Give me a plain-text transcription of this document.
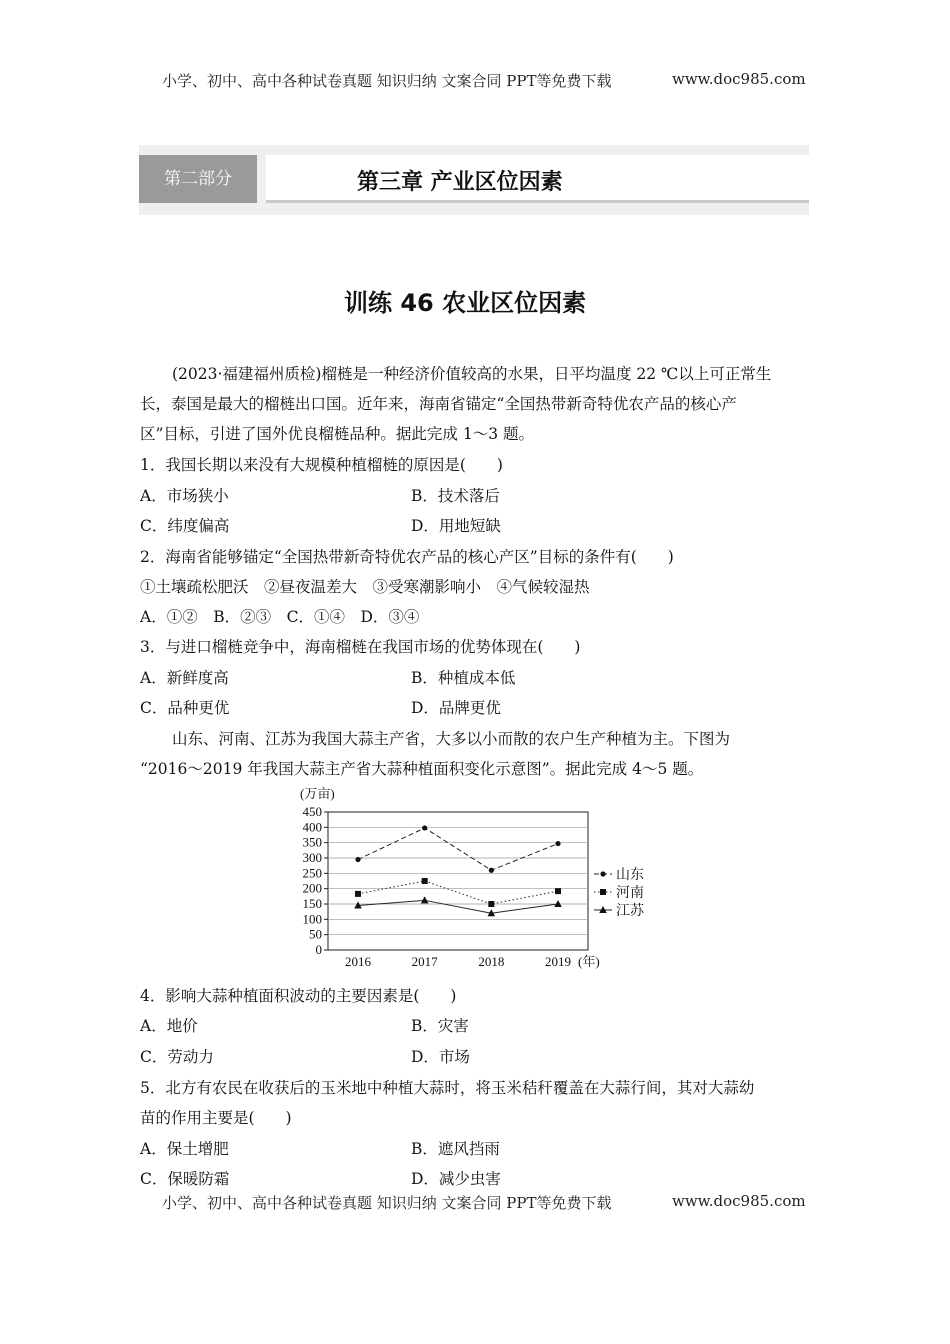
小学、初中、高中各种试卷真题 知识归纳 文案合同 PPT等免费下载	www.doc985.com
第二部分	第三章 产业区位因素
训练 46 农业区位因素
(2023·福建福州质检)榴梿是一种经济价值较高的水果，日平均温度 22 ℃以上可正常生
长，泰国是最大的榴梿出口国。近年来，海南省锚定“全国热带新奇特优农产品的核心产
区”目标，引进了国外优良榴梿品种。据此完成 1～3 题。
1．我国长期以来没有大规模种植榴梿的原因是(　　)
A．市场狭小	B．技术落后
C．纬度偏高	D．用地短缺
2．海南省能够锚定“全国热带新奇特优农产品的核心产区”目标的条件有(　　)
①土壤疏松肥沃　②昼夜温差大　③受寒潮影响小　④气候较湿热
A．①②　B．②③　C．①④　D．③④
3．与进口榴梿竞争中，海南榴梿在我国市场的优势体现在(　　)
A．新鲜度高	B．种植成本低
C．品种更优	D．品牌更优
山东、河南、江苏为我国大蒜主产省，大多以小而散的农户生产种植为主。下图为
“2016～2019 年我国大蒜主产省大蒜种植面积变化示意图”。据此完成 4～5 题。
0
50
100
150
200
250
300
350
400
450
(万亩)
2016	2017	2018	2019 (年)
山东
河南
江苏
4．影响大蒜种植面积波动的主要因素是(　　)
A．地价	B．灾害
C．劳动力	D．市场
5．北方有农民在收获后的玉米地中种植大蒜时，将玉米秸秆覆盖在大蒜行间，其对大蒜幼
苗的作用主要是(　　)
A．保土增肥	B．遮风挡雨
C．保暖防霜	D．减少虫害
小学、初中、高中各种试卷真题 知识归纳 文案合同 PPT等免费下载	www.doc985.com
